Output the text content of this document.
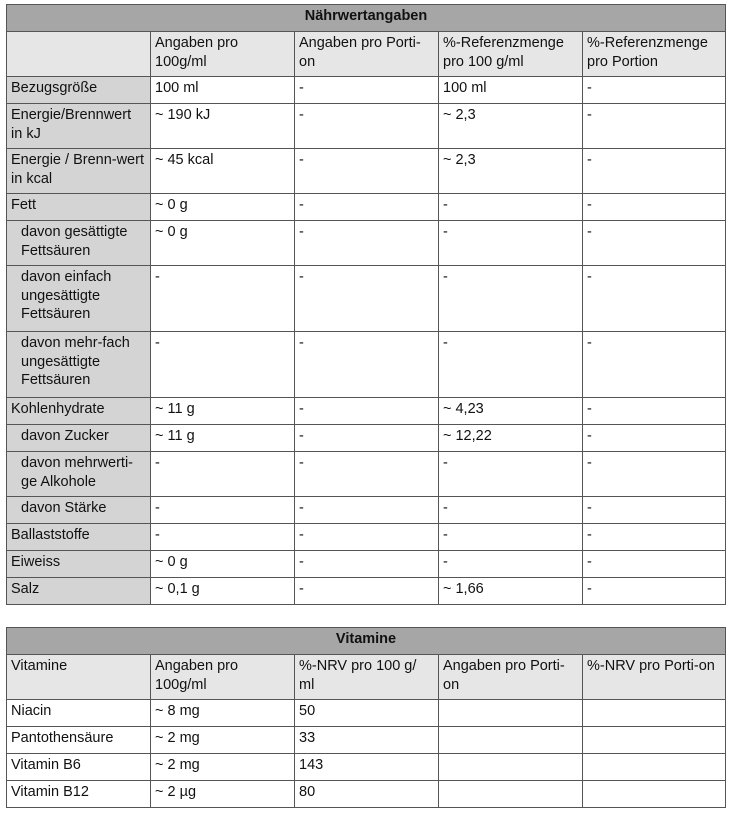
Nährwertangaben				
	Angaben pro 100g/ml	Angaben pro Porti-on	%-Referenzmenge pro 100 g/ml	%-Referenzmenge pro Portion
Bezugsgröße	100 ml	-	100 ml	-
Energie/Brennwert in kJ	~ 190 kJ	-	~ 2,3	-
Energie / Brenn-wert in kcal	~ 45 kcal	-	~ 2,3	-
Fett	~ 0 g	-	-	-
davon gesättigte Fettsäuren	~ 0 g	-	-	-
davon einfach ungesättigte Fettsäuren	-	-	-	-
davon mehr-fach ungesättigte Fettsäuren	-	-	-	-
Kohlenhydrate	~ 11 g	-	~ 4,23	-
davon Zucker	~ 11 g	-	~ 12,22	-
davon mehrwerti-ge Alkohole	-	-	-	-
davon Stärke	-	-	-	-
Ballaststoffe	-	-	-	-
Eiweiss	~ 0 g	-	-	-
Salz	~ 0,1 g	-	~ 1,66	-
Vitamine				
Vitamine	Angaben pro 100g/ml	%-NRV pro 100 g/ ml	Angaben pro Porti-on	%-NRV pro Porti-on
Niacin	~ 8 mg	50		
Pantothensäure	~ 2 mg	33		
Vitamin B6	~ 2 mg	143		
Vitamin B12	~ 2 µg	80		
